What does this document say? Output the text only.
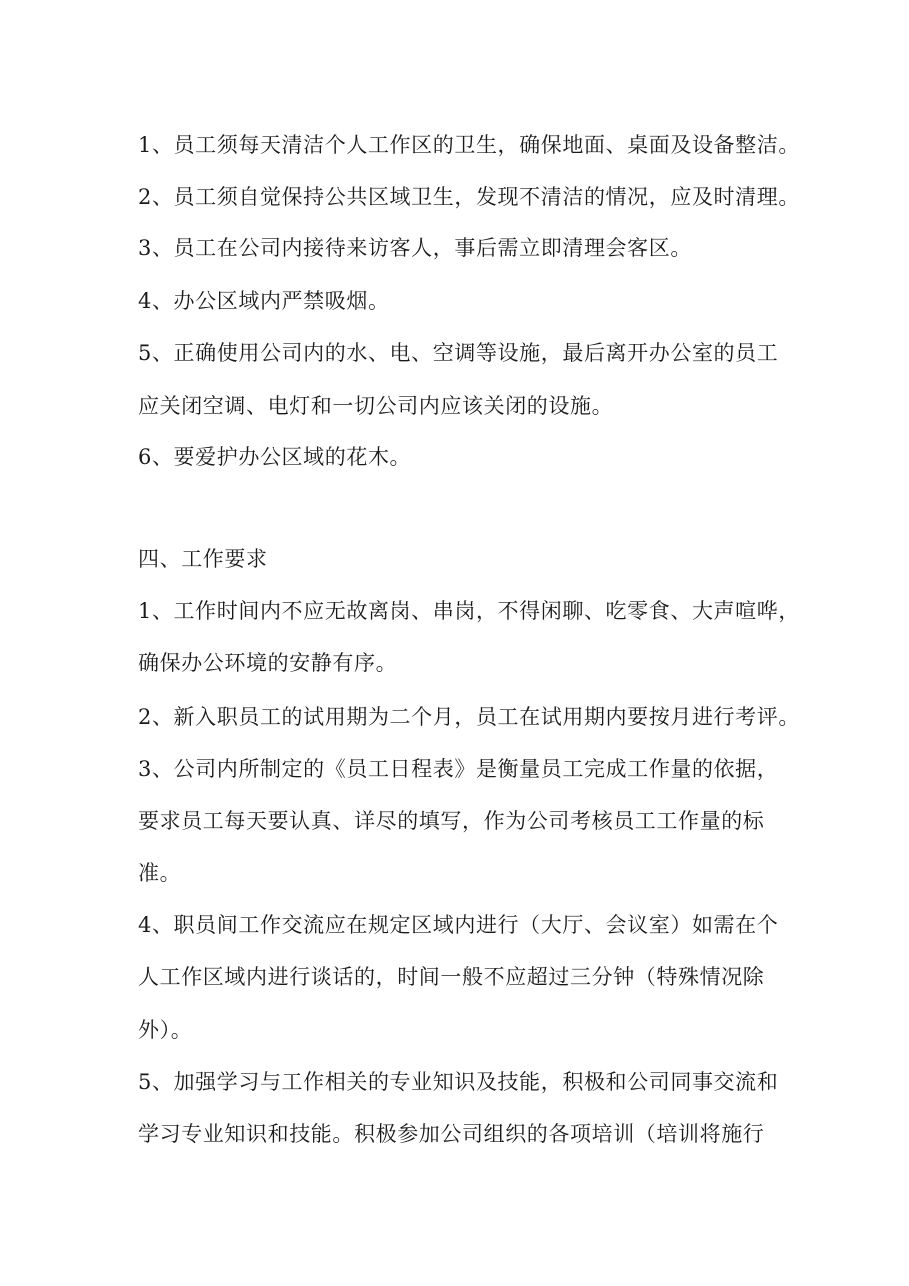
1、员工须每天清洁个人工作区的卫生，确保地面、桌面及设备整洁。
2、员工须自觉保持公共区域卫生，发现不清洁的情况，应及时清理。
3、员工在公司内接待来访客人，事后需立即清理会客区。
4、办公区域内严禁吸烟。
5、正确使用公司内的水、电、空调等设施，最后离开办公室的员工
应关闭空调、电灯和一切公司内应该关闭的设施。
6、要爱护办公区域的花木。
四、工作要求
1、工作时间内不应无故离岗、串岗，不得闲聊、吃零食、大声喧哗，
确保办公环境的安静有序。
2、新入职员工的试用期为二个月，员工在试用期内要按月进行考评。
3、公司内所制定的《员工日程表》是衡量员工完成工作量的依据，
要求员工每天要认真、详尽的填写，作为公司考核员工工作量的标
准。
4、职员间工作交流应在规定区域内进行（大厅、会议室）如需在个
人工作区域内进行谈话的，时间一般不应超过三分钟（特殊情况除
外）。
5、加强学习与工作相关的专业知识及技能，积极和公司同事交流和
学习专业知识和技能。积极参加公司组织的各项培训（培训将施行
